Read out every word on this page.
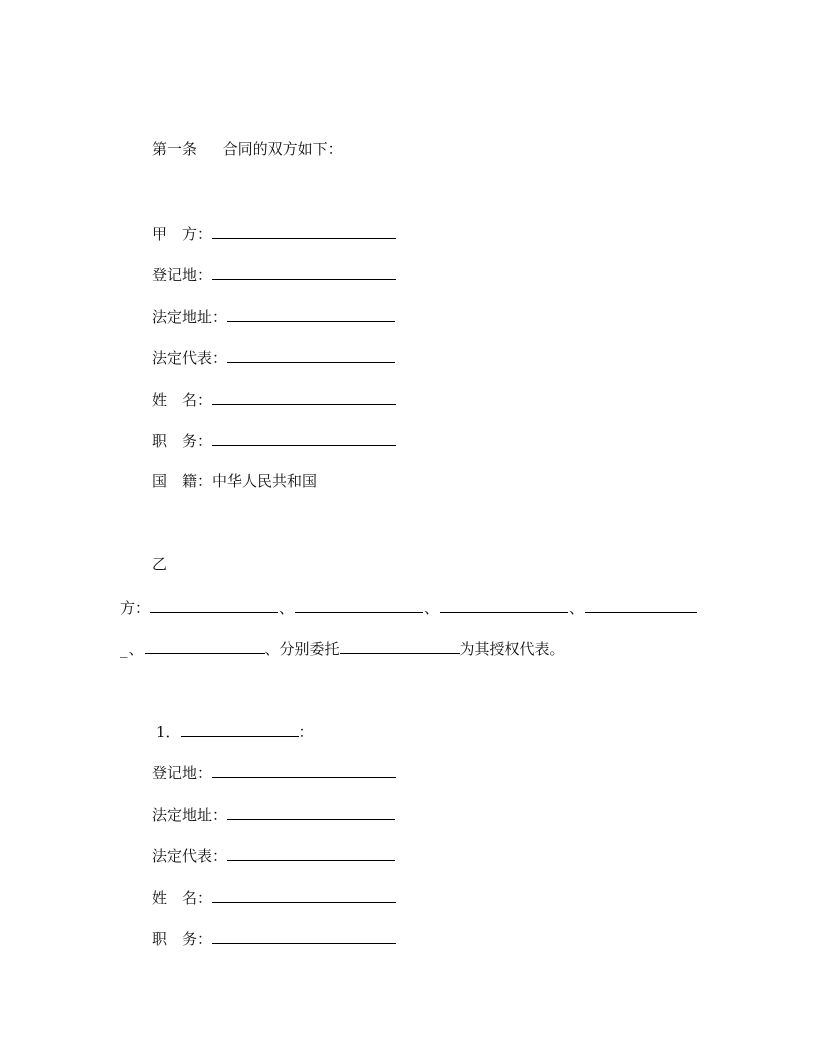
第一条 合同的双方如下：
甲　方：
登记地：
法定地址：
法定代表：
姓　名：
职　务：
国　籍：中华人民共和国
乙
方：	、	、	、
_、	、分别委托	为其授权代表。
1．	：
登记地：
法定地址：
法定代表：
姓　名：
职　务：
